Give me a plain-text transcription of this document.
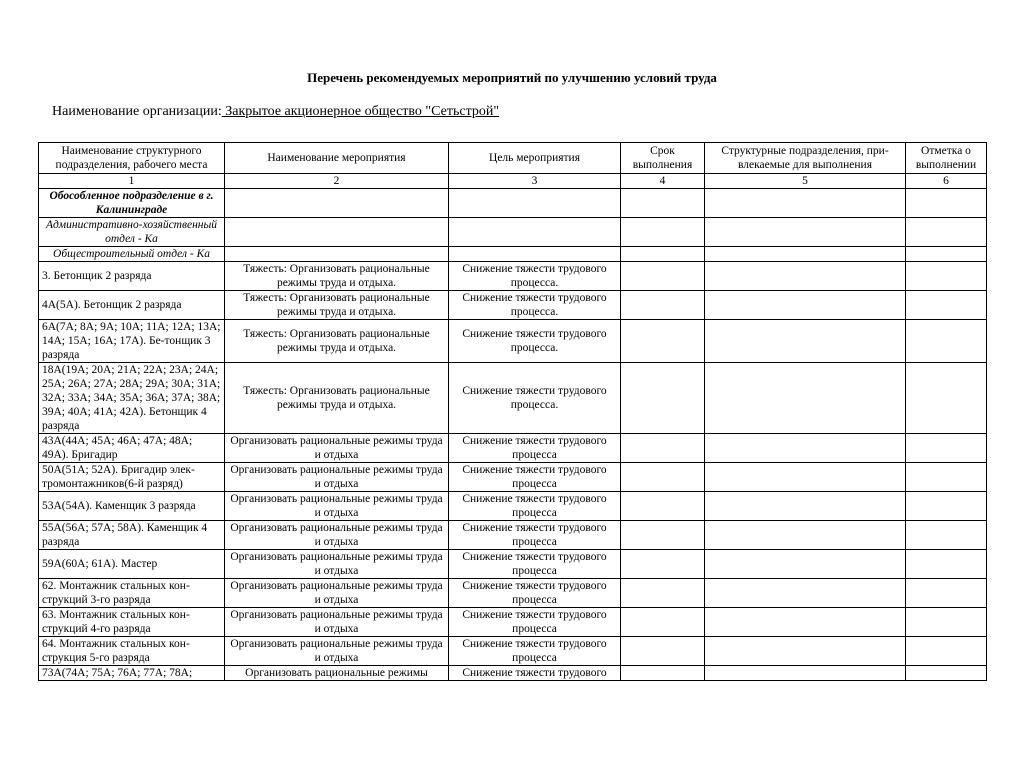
Перечень рекомендуемых мероприятий по улучшению условий труда
Наименование организации: Закрытое акционерное общество "Сетьстрой"
Наименование структурного подразделения, рабочего места	Наименование мероприятия	Цель мероприятия	Срок выполнения	Структурные подразделения, при-влекаемые для выполнения	Отметка о выполнении
1	2	3	4	5	6
Обособленное подразделение в г. Калининграде					
Административно-хозяйственный отдел - Ка					
Общестроительный отдел - Ка					
3. Бетонщик 2 разряда	Тяжесть: Организовать рациональные режимы труда и отдыха.	Снижение тяжести трудового процесса.			
4А(5А). Бетонщик 2 разряда	Тяжесть: Организовать рациональные режимы труда и отдыха.	Снижение тяжести трудового процесса.			
6А(7А; 8А; 9А; 10А; 11А; 12А; 13А; 14А; 15А; 16А; 17А). Бе-тонщик 3 разряда	Тяжесть: Организовать рациональные режимы труда и отдыха.	Снижение тяжести трудового процесса.			
18А(19А; 20А; 21А; 22А; 23А; 24А; 25А; 26А; 27А; 28А; 29А; 30А; 31А; 32А; 33А; 34А; 35А; 36А; 37А; 38А; 39А; 40А; 41А; 42А). Бетонщик 4 разряда	Тяжесть: Организовать рациональные режимы труда и отдыха.	Снижение тяжести трудового процесса.			
43А(44А; 45А; 46А; 47А; 48А; 49А). Бригадир	Организовать рациональные режимы труда и отдыха	Снижение тяжести трудового процесса			
50А(51А; 52А). Бригадир элек-тромонтажников(6-й разряд)	Организовать рациональные режимы труда и отдыха	Снижение тяжести трудового процесса			
53А(54А). Каменщик 3 разряда	Организовать рациональные режимы труда и отдыха	Снижение тяжести трудового процесса			
55А(56А; 57А; 58А). Каменщик 4 разряда	Организовать рациональные режимы труда и отдыха	Снижение тяжести трудового процесса			
59А(60А; 61А). Мастер	Организовать рациональные режимы труда и отдыха	Снижение тяжести трудового процесса			
62. Монтажник стальных кон-струкций 3-го разряда	Организовать рациональные режимы труда и отдыха	Снижение тяжести трудового процесса			
63. Монтажник стальных кон-струкций 4-го разряда	Организовать рациональные режимы труда и отдыха	Снижение тяжести трудового процесса			
64. Монтажник стальных кон-струкция 5-го разряда	Организовать рациональные режимы труда и отдыха	Снижение тяжести трудового процесса			
73А(74А; 75А; 76А; 77А; 78А;	Организовать рациональные режимы	Снижение тяжести трудового			
